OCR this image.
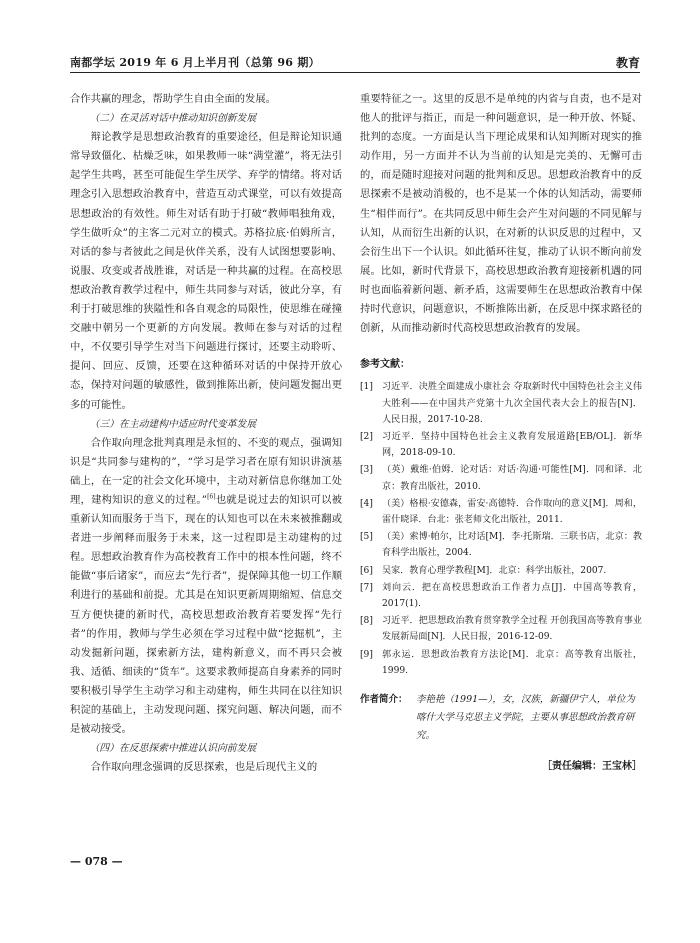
南都学坛 2019 年 6 月上半月刊（总第 96 期）	教育

合作共赢的理念，帮助学生自由全面的发展。

（二）在灵活对话中推动知识创新发展

辩论教学是思想政治教育的重要途径，但是辩论知识通常导致僵化、枯燥乏味，如果教师一味“满堂灌”，将无法引起学生共鸣，甚至可能促生学生厌学、弃学的情绪。将对话理念引入思想政治教育中，营造互动式课堂，可以有效提高思想政治的有效性。师生对话有助于打破“教师唱独角戏，学生做听众”的主客二元对立的模式。苏格拉底·伯姆所言，对话的参与者彼此之间是伙伴关系，没有人试图想要影响、说服、攻变或者战胜谁，对话是一种共赢的过程。在高校思想政治教育教学过程中，师生共同参与对话，彼此分享，有利于打破思维的狭隘性和各自观念的局限性，使思维在碰撞交融中朝另一个更新的方向发展。教师在参与对话的过程中，不仅要引导学生对当下问题进行探讨，还要主动聆听、提问、回应、反馈，还要在这种循环对话的中保持开放心态，保持对问题的敏感性，做到推陈出新，使问题发掘出更多的可能性。

（三）在主动建构中适应时代变革发展

合作取向理念批判真理是永恒的、不变的观点，强调知识是“共同参与建构的”，“学习是学习者在原有知识讲演基础上，在一定的社会文化环境中，主动对新信息你继加工处理，建构知识的意义的过程。”[6]也就是说过去的知识可以被重新认知而服务于当下，现在的认知也可以在未来被推翻或者进一步阐释而服务于未来，这一过程即是主动建构的过程。思想政治教育作为高校教育工作中的根本性问题，终不能做“事后诸家”，而应去“先行者”，提保障其他一切工作顺利进行的基础和前提。尤其是在知识更新周期缩短、信息交互方便快捷的新时代，高校思想政治教育若要发挥“先行者”的作用，教师与学生必须在学习过程中做“挖掘机”，主动发掘新问题，探索新方法，建构新意义，而不再只会被我、适循、细读的“货车”。这要求教师提高自身素养的同时要积极引导学生主动学习和主动建构，师生共同在以往知识积淀的基础上，主动发现问题、探究问题、解决问题，而不是被动接受。

（四）在反思探索中推进认识向前发展

合作取向理念强调的反思探索，也是后现代主义的

重要特征之一。这里的反思不是单纯的内省与自责，也不是对他人的批评与指正，而是一种问题意识，是一种开放、怀疑、批判的态度。一方面是认当下理论成果和认知判断对现实的推动作用，另一方面并不认为当前的认知是完美的、无懈可击的，而是随时迎接对问题的批判和反思。思想政治教育中的反思探索不是被动消极的，也不是某一个体的认知活动，需要师生“相伴而行”。在共同反思中师生会产生对问题的不同见解与认知，从而衍生出新的认识，在对新的认识反思的过程中，又会衍生出下一个认识。如此循环往复，推动了认识不断向前发展。比如，新时代背景下，高校思想政治教育迎接新机遇的同时也面临着新问题、新矛盾，这需要师生在思想政治教育中保持时代意识，问题意识，不断推陈出新，在反思中探求路径的创新，从而推动新时代高校思想政治教育的发展。

参考文献：
[1]	习近平．决胜全面建成小康社会 夺取新时代中国特色社会主义伟大胜利——在中国共产党第十九次全国代表大会上的报告[N]．人民日报，2017-10-28.
[2]	习近平．坚持中国特色社会主义教育发展道路[EB/OL]．新华网，2018-09-10.
[3]	（英）戴维·伯姆．论对话：对话·沟通·可能性[M]．同和译．北京：教育出版社，2010.
[4]	（美）格根·安德森，雷安·高德特．合作取向的意义[M]．周和，雷什晓译．台北：张老师文化出版社，2011.
[5]	（美）索博·帕尔，比对话[M]．李·托斯瑞．三联书店，北京：教育科学出版社，2004.
[6]	吴家．教育心理学教程[M]．北京：科学出版社，2007.
[7]	刘向云．把在高校思想政治工作者力点[J]．中国高等教育，2017(1).
[8]	习近平．把思想政治教育贯穿教学全过程 开创我国高等教育事业发展新局面[N]．人民日报，2016-12-09.
[9]	郭永运．思想政治教育方法论[M]．北京：高等教育出版社，1999.
作者简介： 李艳艳（1991—），女，汉族，新疆伊宁人，单位为喀什大学马克思主义学院，主要从事思想政治教育研究。
［责任编辑：王宝林］
— 078 —
